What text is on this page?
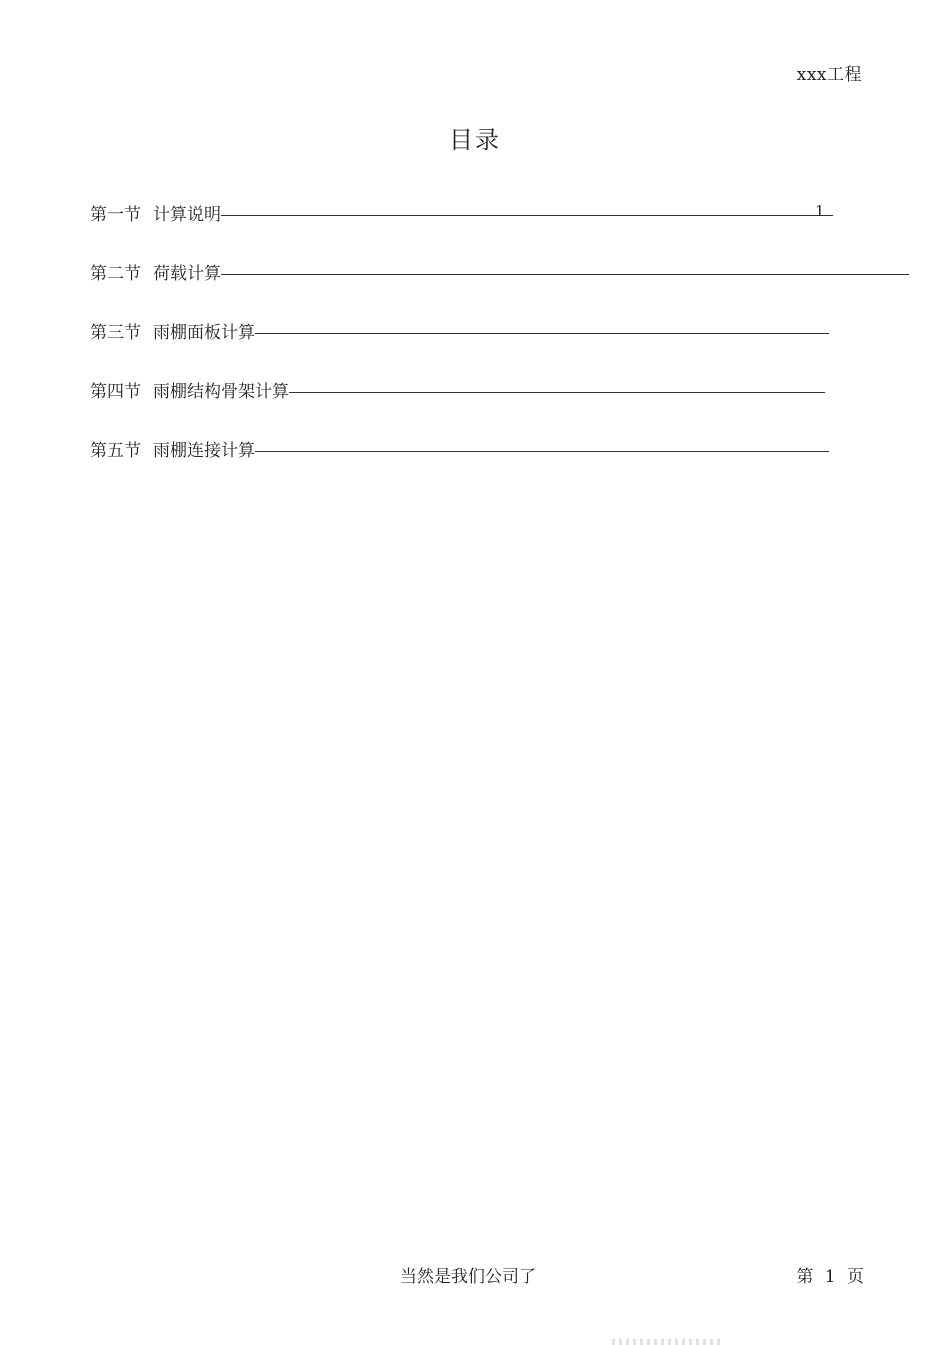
xxx工程
目录
第一节 计算说明	1
第二节 荷载计算
第三节 雨棚面板计算
第四节 雨棚结构骨架计算
第五节 雨棚连接计算
当然是我们公司了	第 1 页
